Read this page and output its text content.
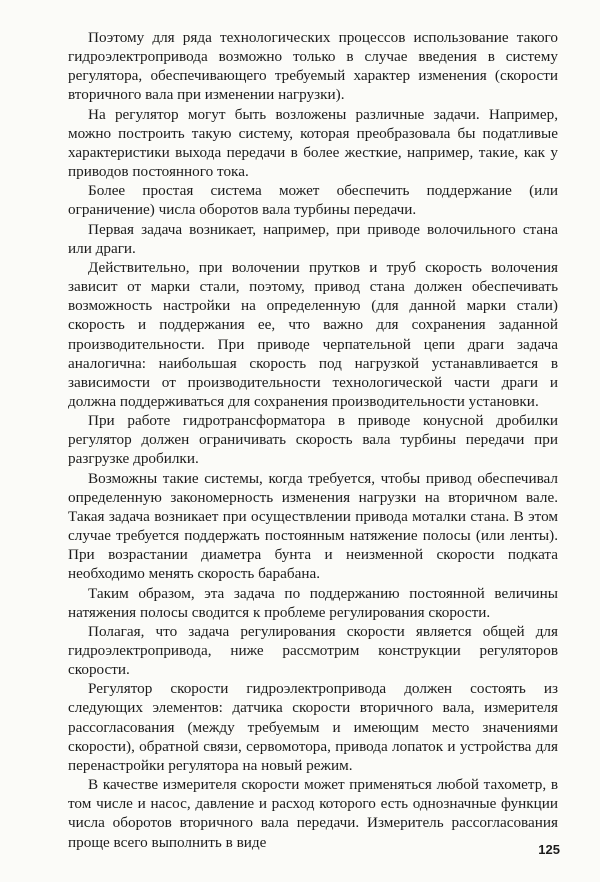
Поэтому для ряда технологических процессов использование такого гидроэлектропривода возможно только в случае введения в систему регулятора, обеспечивающего требуемый характер изменения (скорости вторичного вала при изменении нагрузки).

На регулятор могут быть возложены различные задачи. Например, можно построить такую систему, которая преобразовала бы податливые характеристики выхода передачи в более жесткие, например, такие, как у приводов постоянного тока.

Более простая система может обеспечить поддержание (или ограничение) числа оборотов вала турбины передачи.

Первая задача возникает, например, при приводе волочильного стана или драги.

Действительно, при волочении прутков и труб скорость волочения зависит от марки стали, поэтому, привод стана должен обеспечивать возможность настройки на определенную (для данной марки стали) скорость и поддержания ее, что важно для сохранения заданной производительности. При приводе черпательной цепи драги задача аналогична: наибольшая скорость под нагрузкой устанавливается в зависимости от производительности технологической части драги и должна поддерживаться для сохранения производительности установки.

При работе гидротрансформатора в приводе конусной дробилки регулятор должен ограничивать скорость вала турбины передачи при разгрузке дробилки.

Возможны такие системы, когда требуется, чтобы привод обеспечивал определенную закономерность изменения нагрузки на вторичном вале. Такая задача возникает при осуществлении привода моталки стана. В этом случае требуется поддержать постоянным натяжение полосы (или ленты). При возрастании диаметра бунта и неизменной скорости подката необходимо менять скорость барабана.

Таким образом, эта задача по поддержанию постоянной величины натяжения полосы сводится к проблеме регулирования скорости.

Полагая, что задача регулирования скорости является общей для гидроэлектропривода, ниже рассмотрим конструкции регуляторов скорости.

Регулятор скорости гидроэлектропривода должен состоять из следующих элементов: датчика скорости вторичного вала, измерителя рассогласования (между требуемым и имеющим место значениями скорости), обратной связи, сервомотора, привода лопаток и устройства для перенастройки регулятора на новый режим.

В качестве измерителя скорости может применяться любой тахометр, в том числе и насос, давление и расход которого есть однозначные функции числа оборотов вторичного вала передачи. Измеритель рассогласования проще всего выполнить в виде	125
